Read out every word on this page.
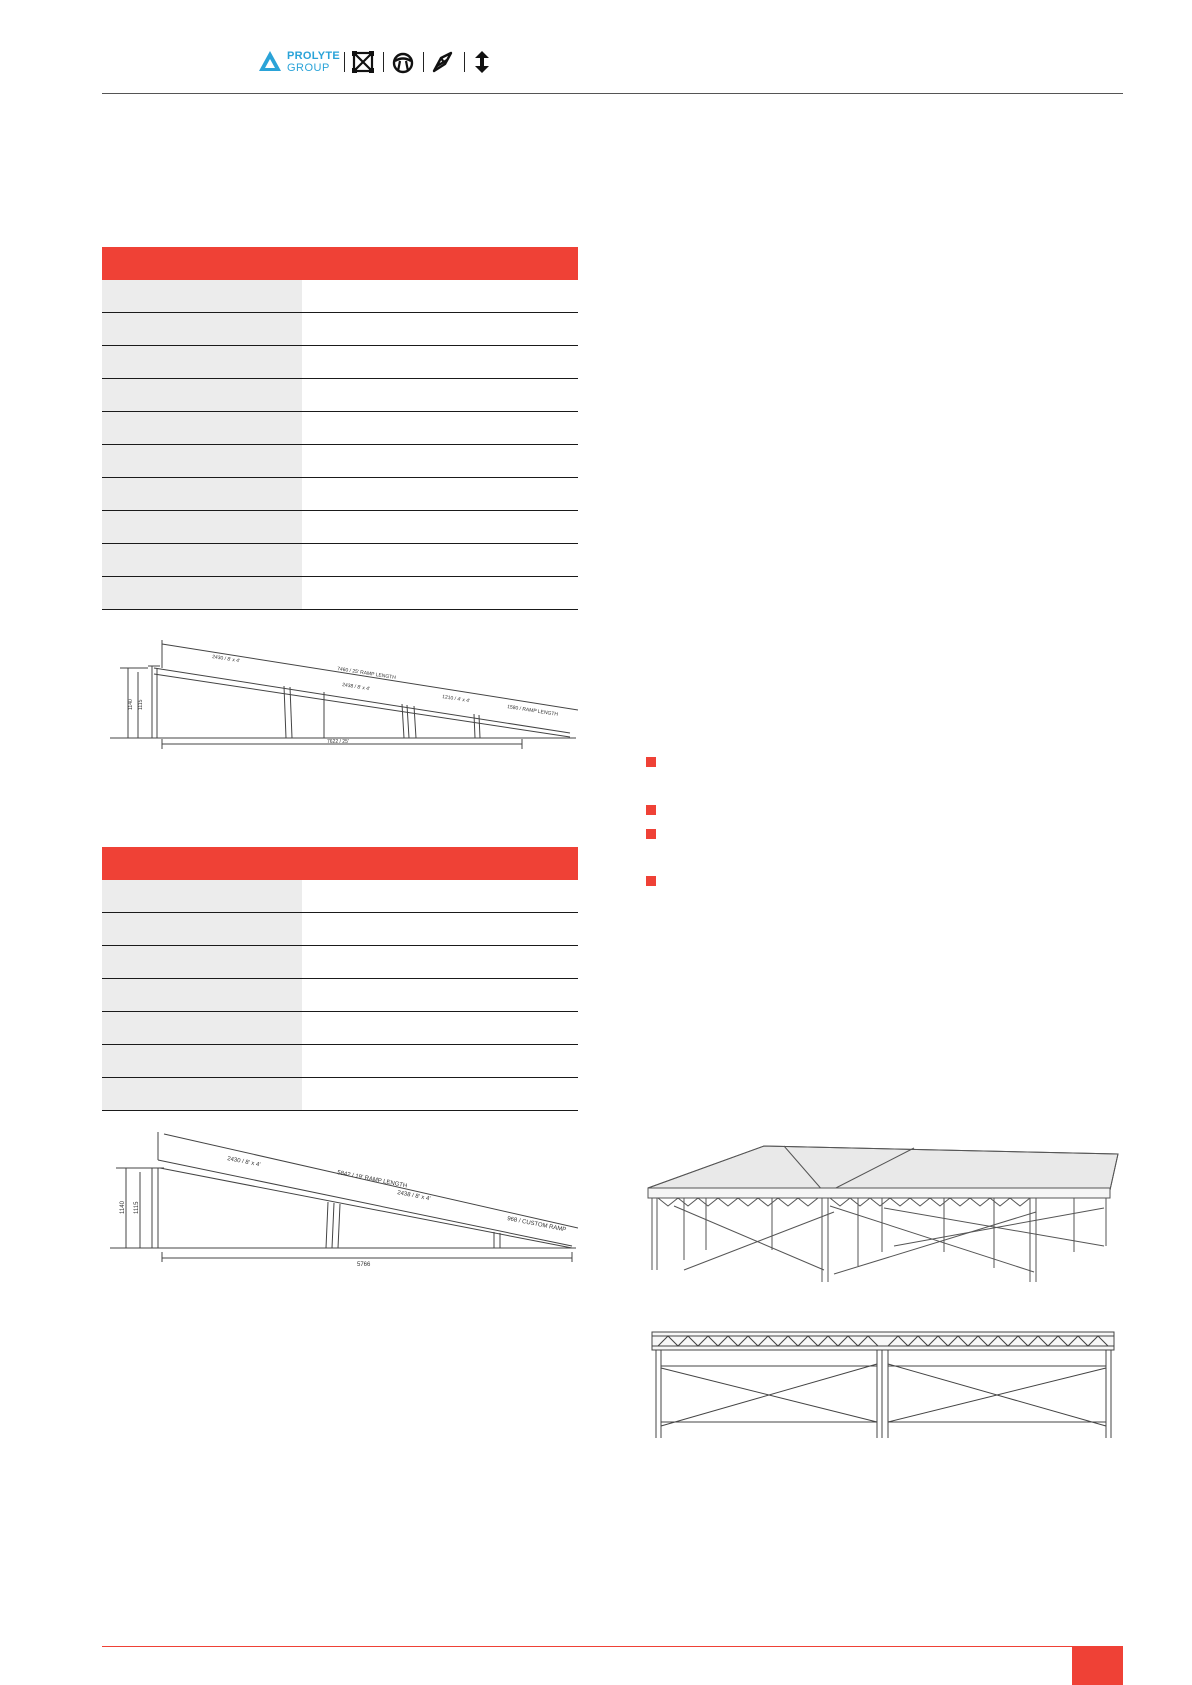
PROLYTE
GROUP
2430 / 8' x 4'
7460 / 25' RAMP LENGTH
2438 / 8' x 4'
1210 / 4' x 4'
1580 / RAMP LENGTH
7622 / 25'
1140 1115
2430 / 8' x 4'
5842 / 19' RAMP LENGTH
2438 / 8' x 4'
968 / CUSTOM RAMP
5766
1140 1115
